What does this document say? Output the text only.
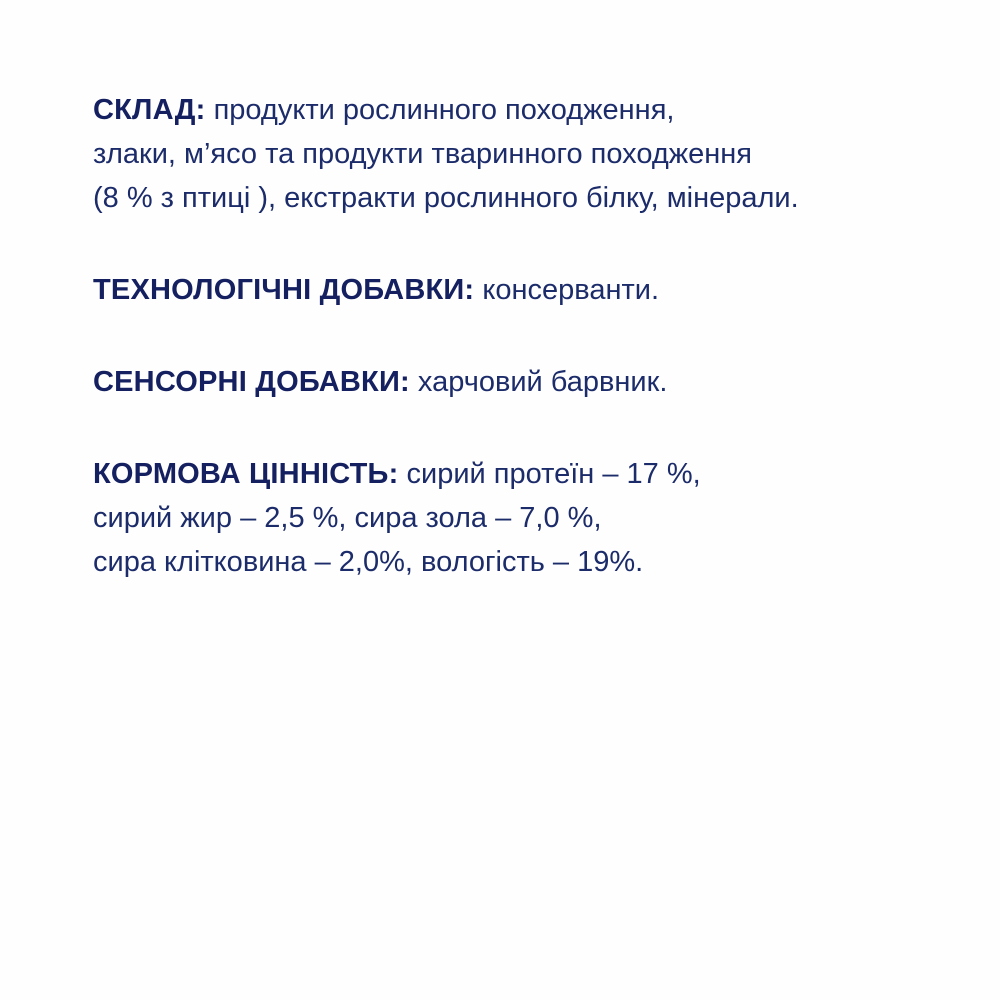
СКЛАД: продукти рослинного походження,
злаки, м’ясо та продукти тваринного походження
(8 % з птиці ), екстракти рослинного білку, мінерали.
ТЕХНОЛОГІЧНІ ДОБАВКИ: консерванти.
СЕНСОРНІ ДОБАВКИ: харчовий барвник.
КОРМОВА ЦІННІСТЬ: сирий протеїн – 17 %,
сирий жир – 2,5 %, сира зола – 7,0 %,
сира клітковина – 2,0%, вологість – 19%.
